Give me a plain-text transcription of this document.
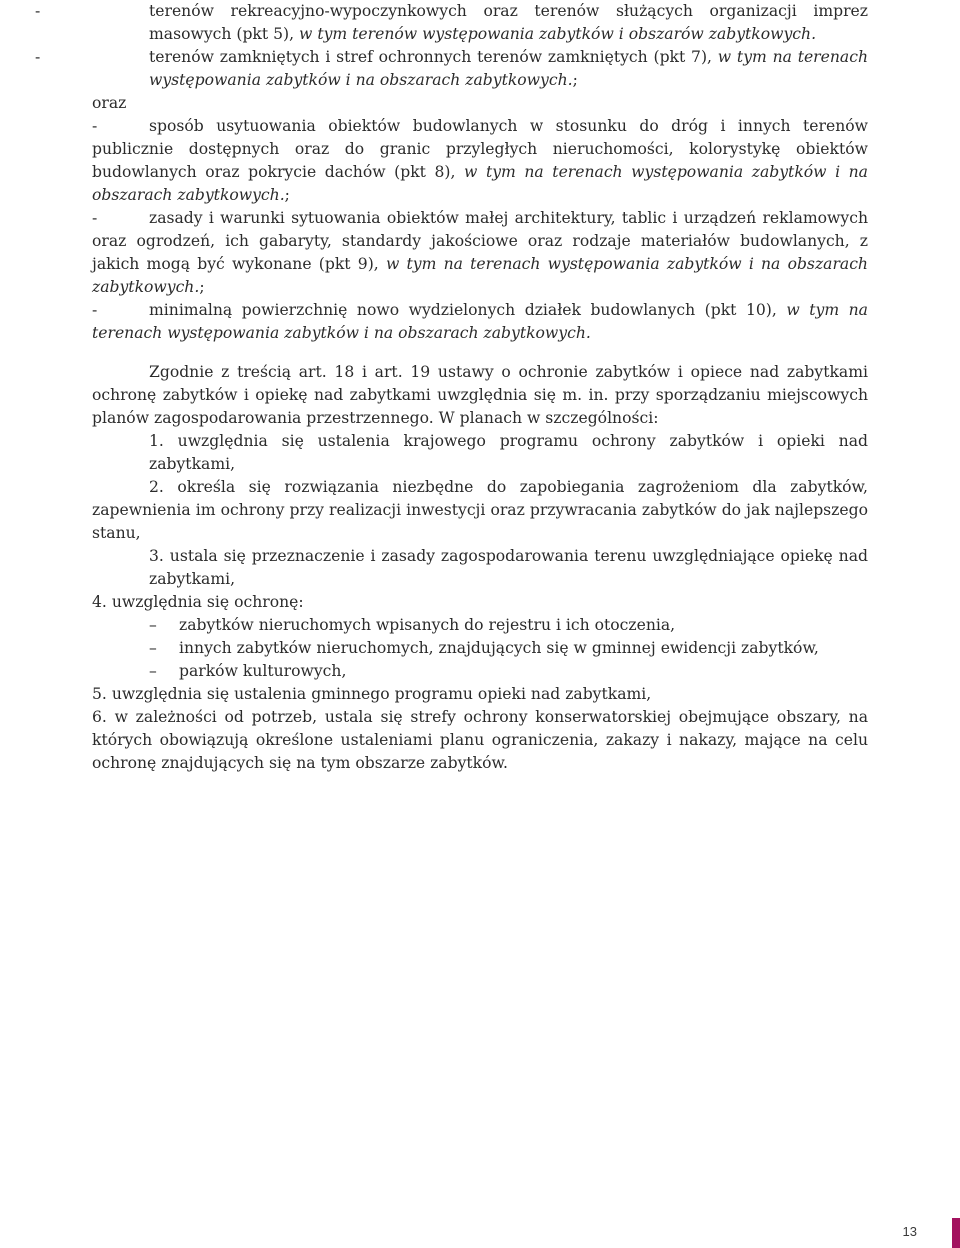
-	terenów rekreacyjno-wypoczynkowych oraz terenów służących organizacji imprez masowych (pkt 5), w tym terenów występowania zabytków i obszarów zabytkowych.

-	terenów zamkniętych i stref ochronnych terenów zamkniętych (pkt 7), w tym na terenach występowania zabytków i na obszarach zabytkowych.;

oraz

-	sposób usytuowania obiektów budowlanych w stosunku do dróg i innych terenów publicznie dostępnych oraz do granic przyległych nieruchomości, kolorystykę obiektów budowlanych oraz pokrycie dachów (pkt 8), w tym na terenach występowania zabytków i na obszarach zabytkowych.;

-	zasady i warunki sytuowania obiektów małej architektury, tablic i urządzeń reklamowych oraz ogrodzeń, ich gabaryty, standardy jakościowe oraz rodzaje materiałów budowlanych, z jakich mogą być wykonane (pkt 9), w tym na terenach występowania zabytków i na obszarach zabytkowych.;

-	minimalną powierzchnię nowo wydzielonych działek budowlanych (pkt 10), w tym na terenach występowania zabytków i na obszarach zabytkowych.

Zgodnie z treścią art. 18 i art. 19 ustawy o ochronie zabytków i opiece nad zabytkami ochronę zabytków i opiekę nad zabytkami uwzględnia się m. in. przy sporządzaniu miejscowych planów zagospodarowania przestrzennego. W planach w szczególności:

1. uwzględnia się ustalenia krajowego programu ochrony zabytków i opieki nad zabytkami,

2. określa się rozwiązania niezbędne do zapobiegania zagrożeniom dla zabytków, zapewnienia im ochrony przy realizacji inwestycji oraz przywracania zabytków do jak najlepszego stanu,

3. ustala się przeznaczenie i zasady zagospodarowania terenu uwzględniające opiekę nad zabytkami,

4. uwzględnia się ochronę:

– zabytków nieruchomych wpisanych do rejestru i ich otoczenia,

– innych zabytków nieruchomych, znajdujących się w gminnej ewidencji zabytków,

– parków kulturowych,

5. uwzględnia się ustalenia gminnego programu opieki nad zabytkami,

6. w zależności od potrzeb, ustala się strefy ochrony konserwatorskiej obejmujące obszary, na których obowiązują określone ustaleniami planu ograniczenia, zakazy i nakazy, mające na celu ochronę znajdujących się na tym obszarze zabytków.

13
